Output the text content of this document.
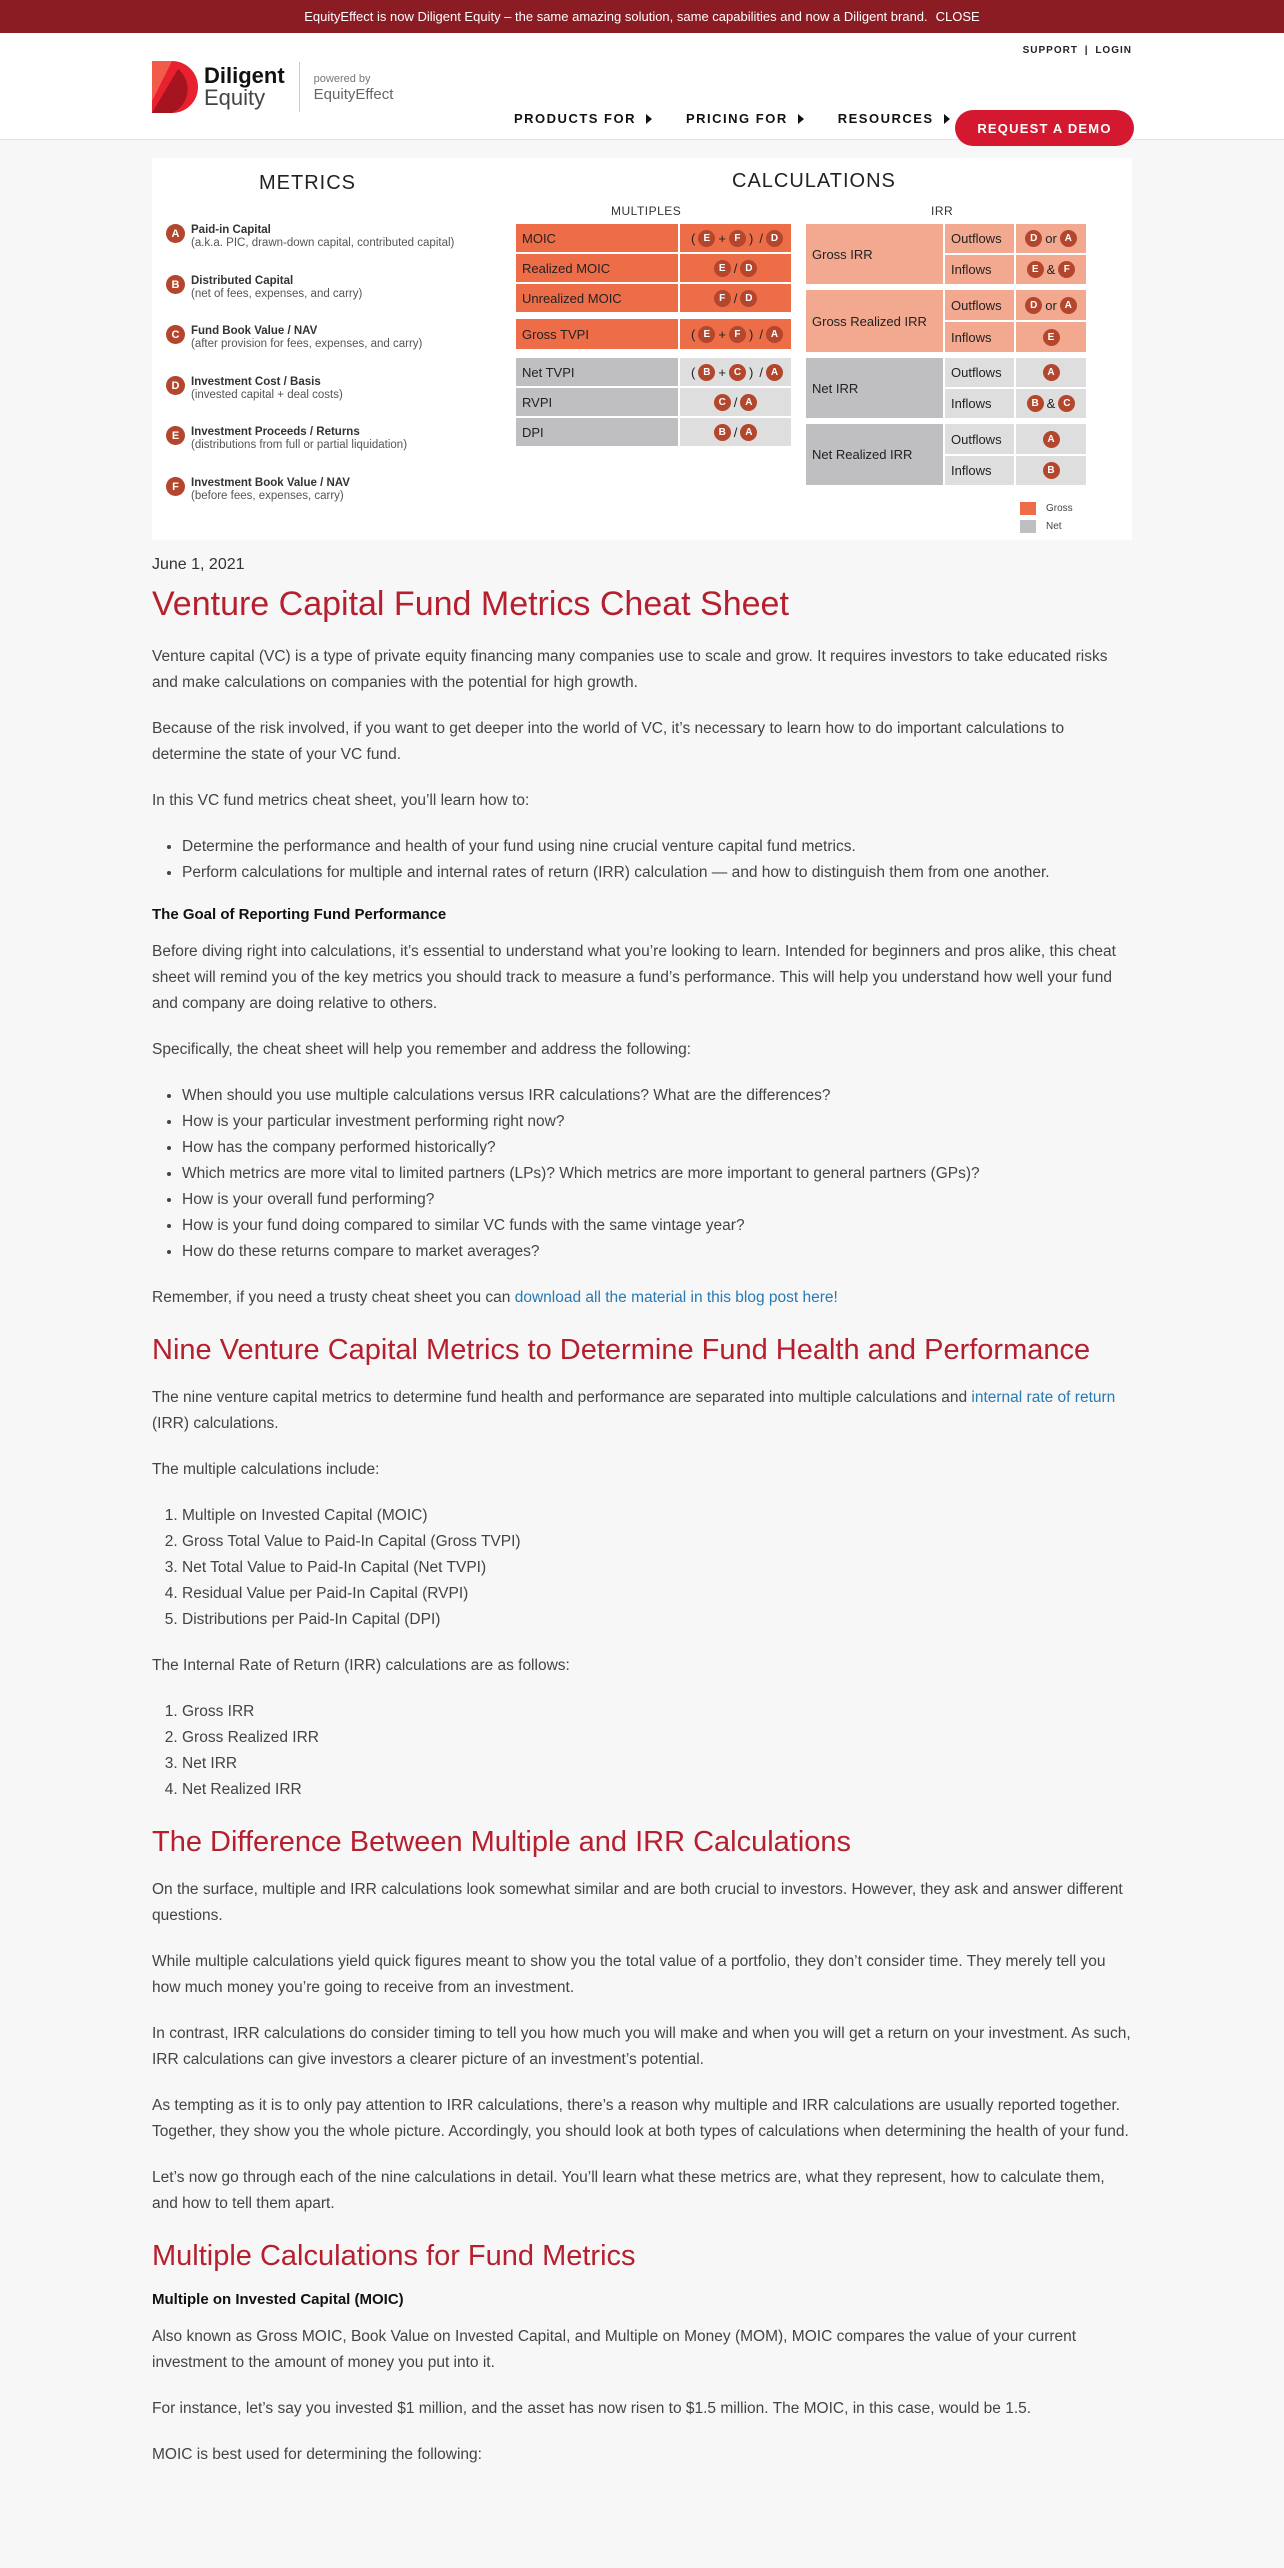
EquityEffect is now Diligent Equity – the same amazing solution, same capabilities and now a Diligent brand. CLOSE
SUPPORT | LOGIN
Diligent
Equity
powered by
EquityEffect
PRODUCTS FOR	PRICING FOR	RESOURCES
REQUEST A DEMO
METRICS	CALCULATIONS
MULTIPLES	IRR
A	Paid-in Capital
(a.k.a. PIC, drawn-down capital, contributed capital)
B	Distributed Capital
(net of fees, expenses, and carry)
C	Fund Book Value / NAV
(after provision for fees, expenses, and carry)
D	Investment Cost / Basis
(invested capital + deal costs)
E	Investment Proceeds / Returns
(distributions from full or partial liquidation)
F	Investment Book Value / NAV
(before fees, expenses, carry)
MOIC	( E + F ) / D
Realized MOIC	E / D
Unrealized MOIC	F / D
Gross TVPI	( E + F ) / A
Net TVPI	( B + C ) / A
RVPI	C / A
DPI	B / A
Gross IRR
Outflows	D or A
Inflows	E & F
Gross Realized IRR
Outflows	D or A
Inflows	E
Net IRR
Outflows	A
Inflows	B & C
Net Realized IRR
Outflows	A
Inflows	B
Gross
Net
June 1, 2021
Venture Capital Fund Metrics Cheat Sheet

Venture capital (VC) is a type of private equity financing many companies use to scale and grow. It requires investors to take educated risks and make calculations on companies with the potential for high growth.

Because of the risk involved, if you want to get deeper into the world of VC, it’s necessary to learn how to do important calculations to determine the state of your VC fund.

In this VC fund metrics cheat sheet, you’ll learn how to:

• Determine the performance and health of your fund using nine crucial venture capital fund metrics.
• Perform calculations for multiple and internal rates of return (IRR) calculation — and how to distinguish them from one another.
The Goal of Reporting Fund Performance

Before diving right into calculations, it’s essential to understand what you’re looking to learn. Intended for beginners and pros alike, this cheat sheet will remind you of the key metrics you should track to measure a fund’s performance. This will help you understand how well your fund and company are doing relative to others.

Specifically, the cheat sheet will help you remember and address the following:

• When should you use multiple calculations versus IRR calculations? What are the differences?
• How is your particular investment performing right now?
• How has the company performed historically?
• Which metrics are more vital to limited partners (LPs)? Which metrics are more important to general partners (GPs)?
• How is your overall fund performing?
• How is your fund doing compared to similar VC funds with the same vintage year?
• How do these returns compare to market averages?

Remember, if you need a trusty cheat sheet you can download all the material in this blog post here!

Nine Venture Capital Metrics to Determine Fund Health and Performance

The nine venture capital metrics to determine fund health and performance are separated into multiple calculations and internal rate of return (IRR) calculations.

The multiple calculations include:

1. Multiple on Invested Capital (MOIC)
2. Gross Total Value to Paid-In Capital (Gross TVPI)
3. Net Total Value to Paid-In Capital (Net TVPI)
4. Residual Value per Paid-In Capital (RVPI)
5. Distributions per Paid-In Capital (DPI)

The Internal Rate of Return (IRR) calculations are as follows:

1. Gross IRR
2. Gross Realized IRR
3. Net IRR
4. Net Realized IRR
The Difference Between Multiple and IRR Calculations

On the surface, multiple and IRR calculations look somewhat similar and are both crucial to investors. However, they ask and answer different questions.

While multiple calculations yield quick figures meant to show you the total value of a portfolio, they don’t consider time. They merely tell you how much money you’re going to receive from an investment.

In contrast, IRR calculations do consider timing to tell you how much you will make and when you will get a return on your investment. As such, IRR calculations can give investors a clearer picture of an investment’s potential.

As tempting as it is to only pay attention to IRR calculations, there’s a reason why multiple and IRR calculations are usually reported together. Together, they show you the whole picture. Accordingly, you should look at both types of calculations when determining the health of your fund.

Let’s now go through each of the nine calculations in detail. You’ll learn what these metrics are, what they represent, how to calculate them, and how to tell them apart.

Multiple Calculations for Fund Metrics
Multiple on Invested Capital (MOIC)

Also known as Gross MOIC, Book Value on Invested Capital, and Multiple on Money (MOM), MOIC compares the value of your current investment to the amount of money you put into it.

For instance, let’s say you invested $1 million, and the asset has now risen to $1.5 million. The MOIC, in this case, would be 1.5.

MOIC is best used for determining the following:
